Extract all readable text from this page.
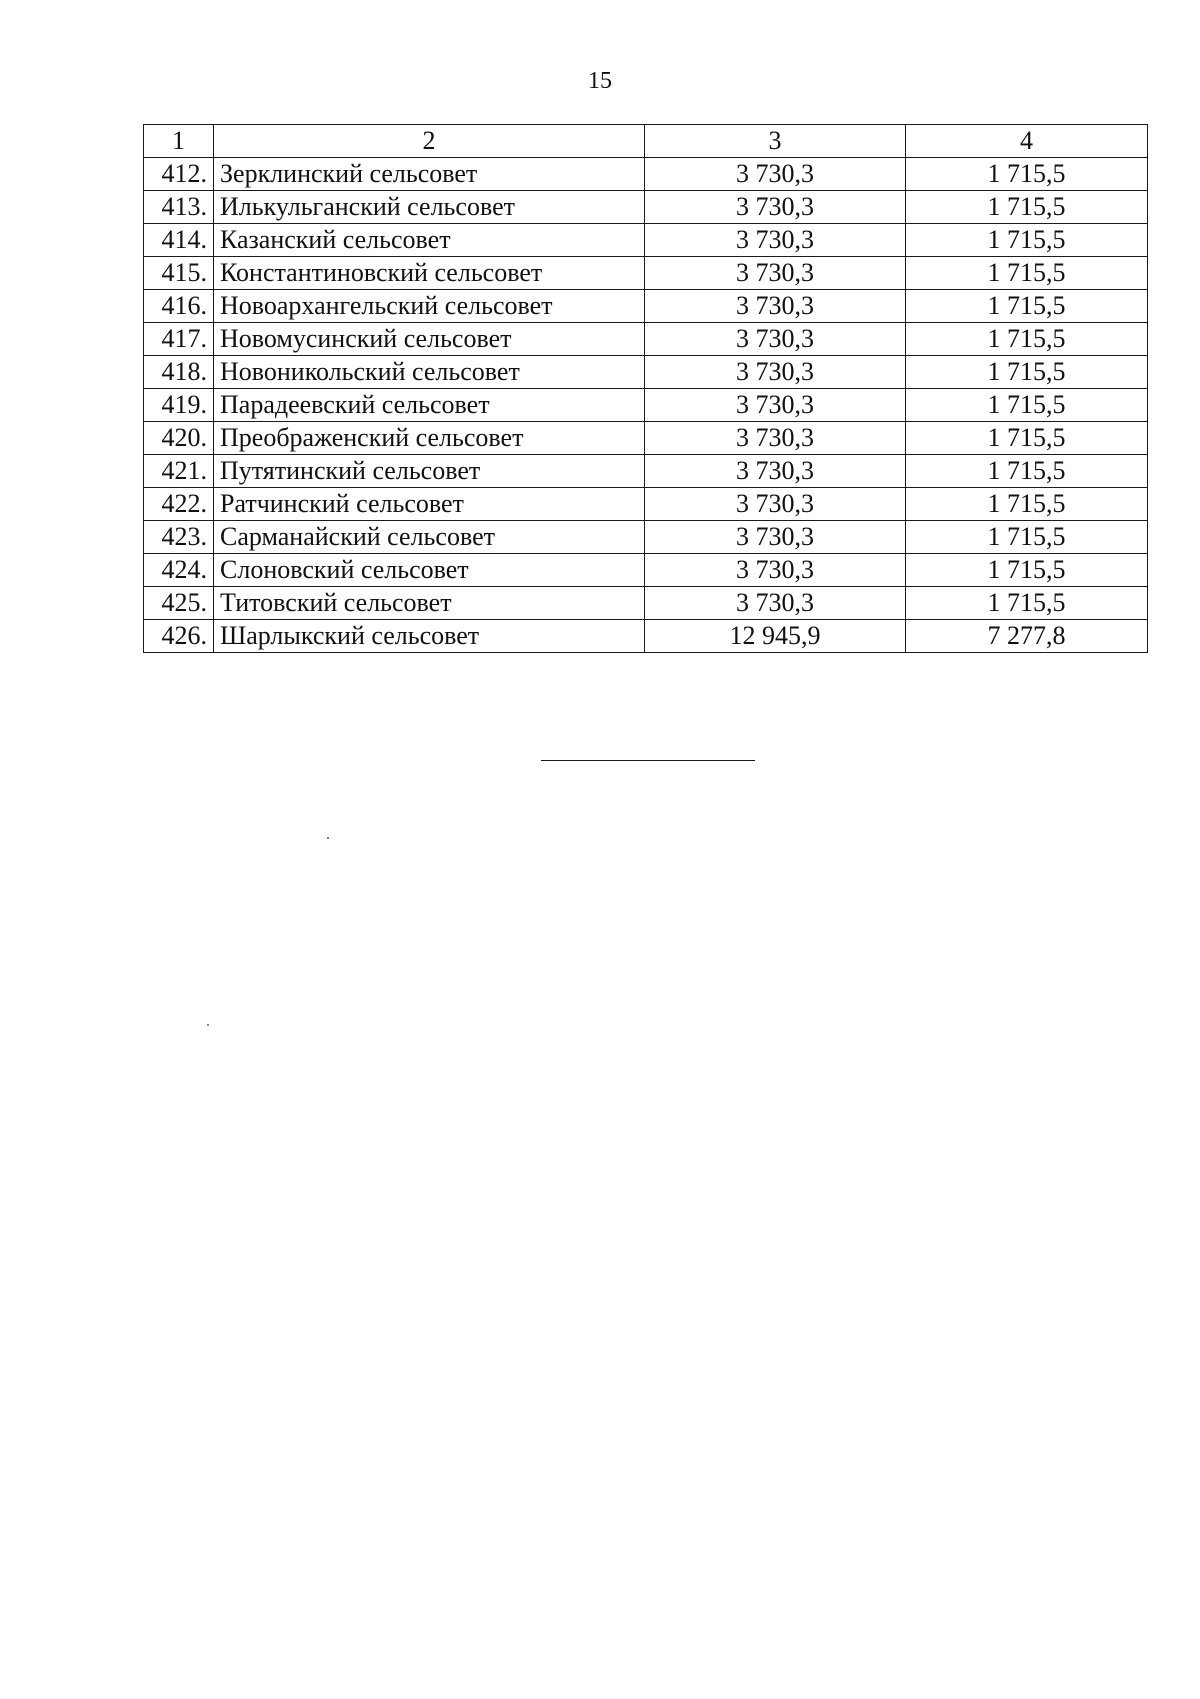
15
1	2	3	4
412.	Зерклинский сельсовет	3 730,3	1 715,5
413.	Илькульганский сельсовет	3 730,3	1 715,5
414.	Казанский сельсовет	3 730,3	1 715,5
415.	Константиновский сельсовет	3 730,3	1 715,5
416.	Новоархангельский сельсовет	3 730,3	1 715,5
417.	Новомусинский сельсовет	3 730,3	1 715,5
418.	Новоникольский сельсовет	3 730,3	1 715,5
419.	Парадеевский сельсовет	3 730,3	1 715,5
420.	Преображенский сельсовет	3 730,3	1 715,5
421.	Путятинский сельсовет	3 730,3	1 715,5
422.	Ратчинский сельсовет	3 730,3	1 715,5
423.	Сарманайский сельсовет	3 730,3	1 715,5
424.	Слоновский сельсовет	3 730,3	1 715,5
425.	Титовский сельсовет	3 730,3	1 715,5
426.	Шарлыкский сельсовет	12 945,9	7 277,8
